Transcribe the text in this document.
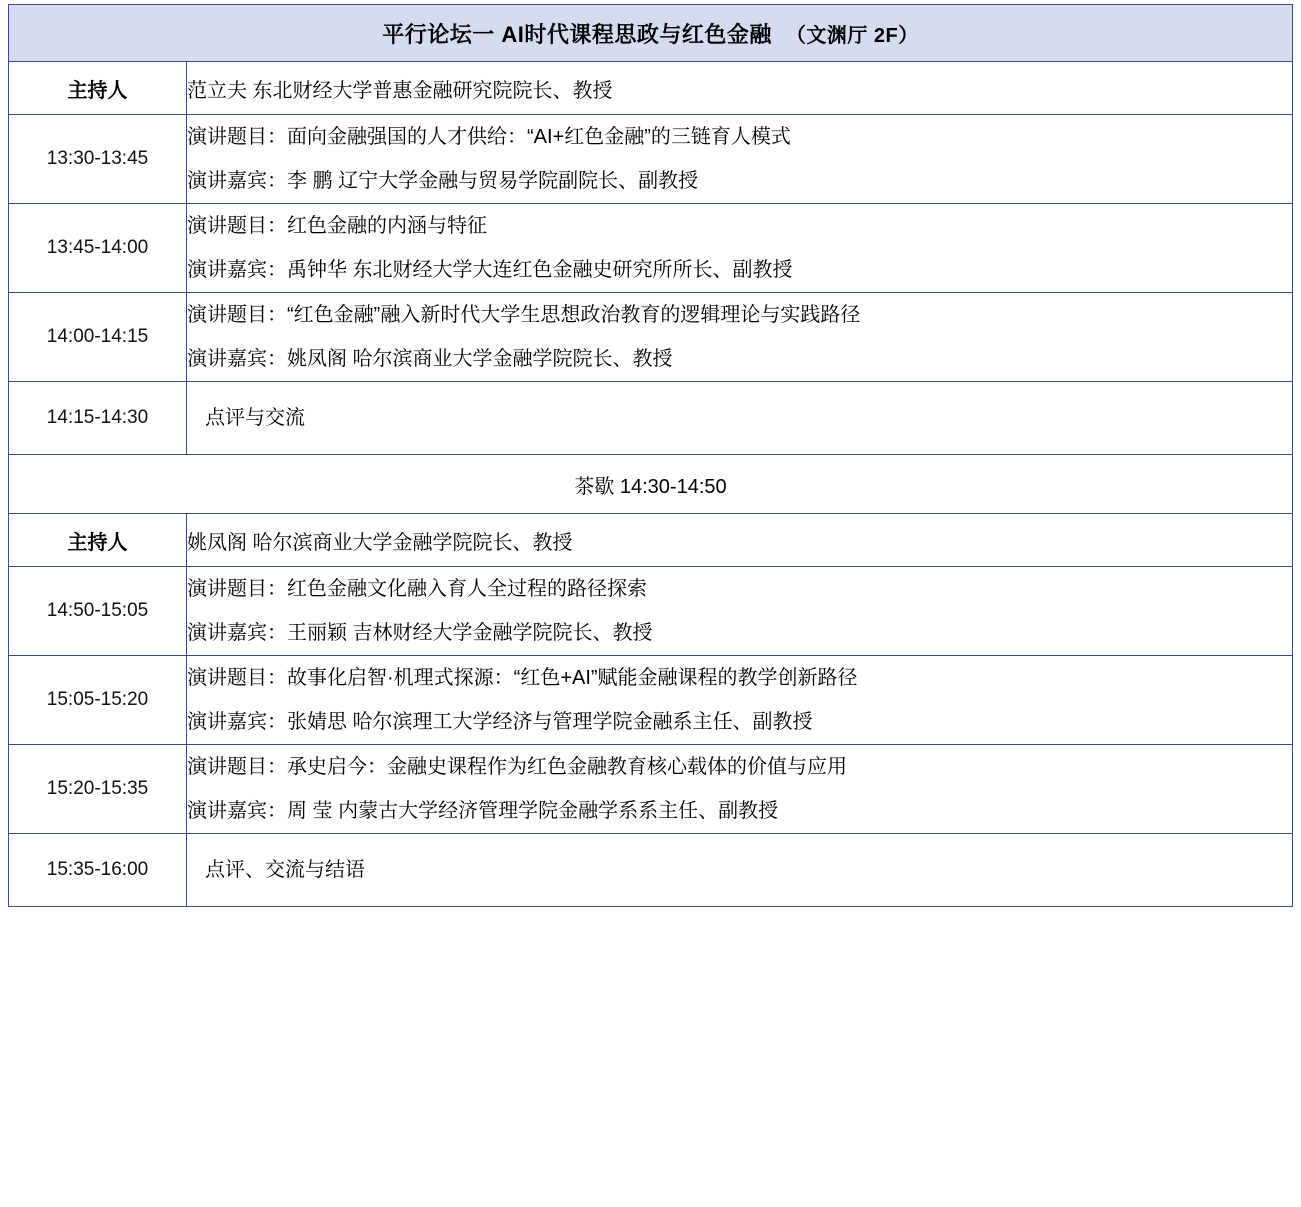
平行论坛一 AI时代课程思政与红色金融 （文渊厅 2F）	
主持人	范立夫 东北财经大学普惠金融研究院院长、教授
13:30-13:45	演讲题目：面向金融强国的人才供给：“AI+红色金融”的三链育人模式
演讲嘉宾：李 鹏 辽宁大学金融与贸易学院副院长、副教授

13:45-14:00	演讲题目：红色金融的内涵与特征
演讲嘉宾：禹钟华 东北财经大学大连红色金融史研究所所长、副教授

14:00-14:15	演讲题目：“红色金融”融入新时代大学生思想政治教育的逻辑理论与实践路径
演讲嘉宾：姚凤阁 哈尔滨商业大学金融学院院长、教授

14:15-14:30	点评与交流
茶歇 14:30-14:50	
主持人	姚凤阁 哈尔滨商业大学金融学院院长、教授
14:50-15:05	演讲题目：红色金融文化融入育人全过程的路径探索
演讲嘉宾：王丽颖 吉林财经大学金融学院院长、教授

15:05-15:20	演讲题目：故事化启智·机理式探源：“红色+AI”赋能金融课程的教学创新路径
演讲嘉宾：张婧思 哈尔滨理工大学经济与管理学院金融系主任、副教授

15:20-15:35	演讲题目：承史启今：金融史课程作为红色金融教育核心载体的价值与应用
演讲嘉宾：周 莹 内蒙古大学经济管理学院金融学系系主任、副教授

15:35-16:00	点评、交流与结语
